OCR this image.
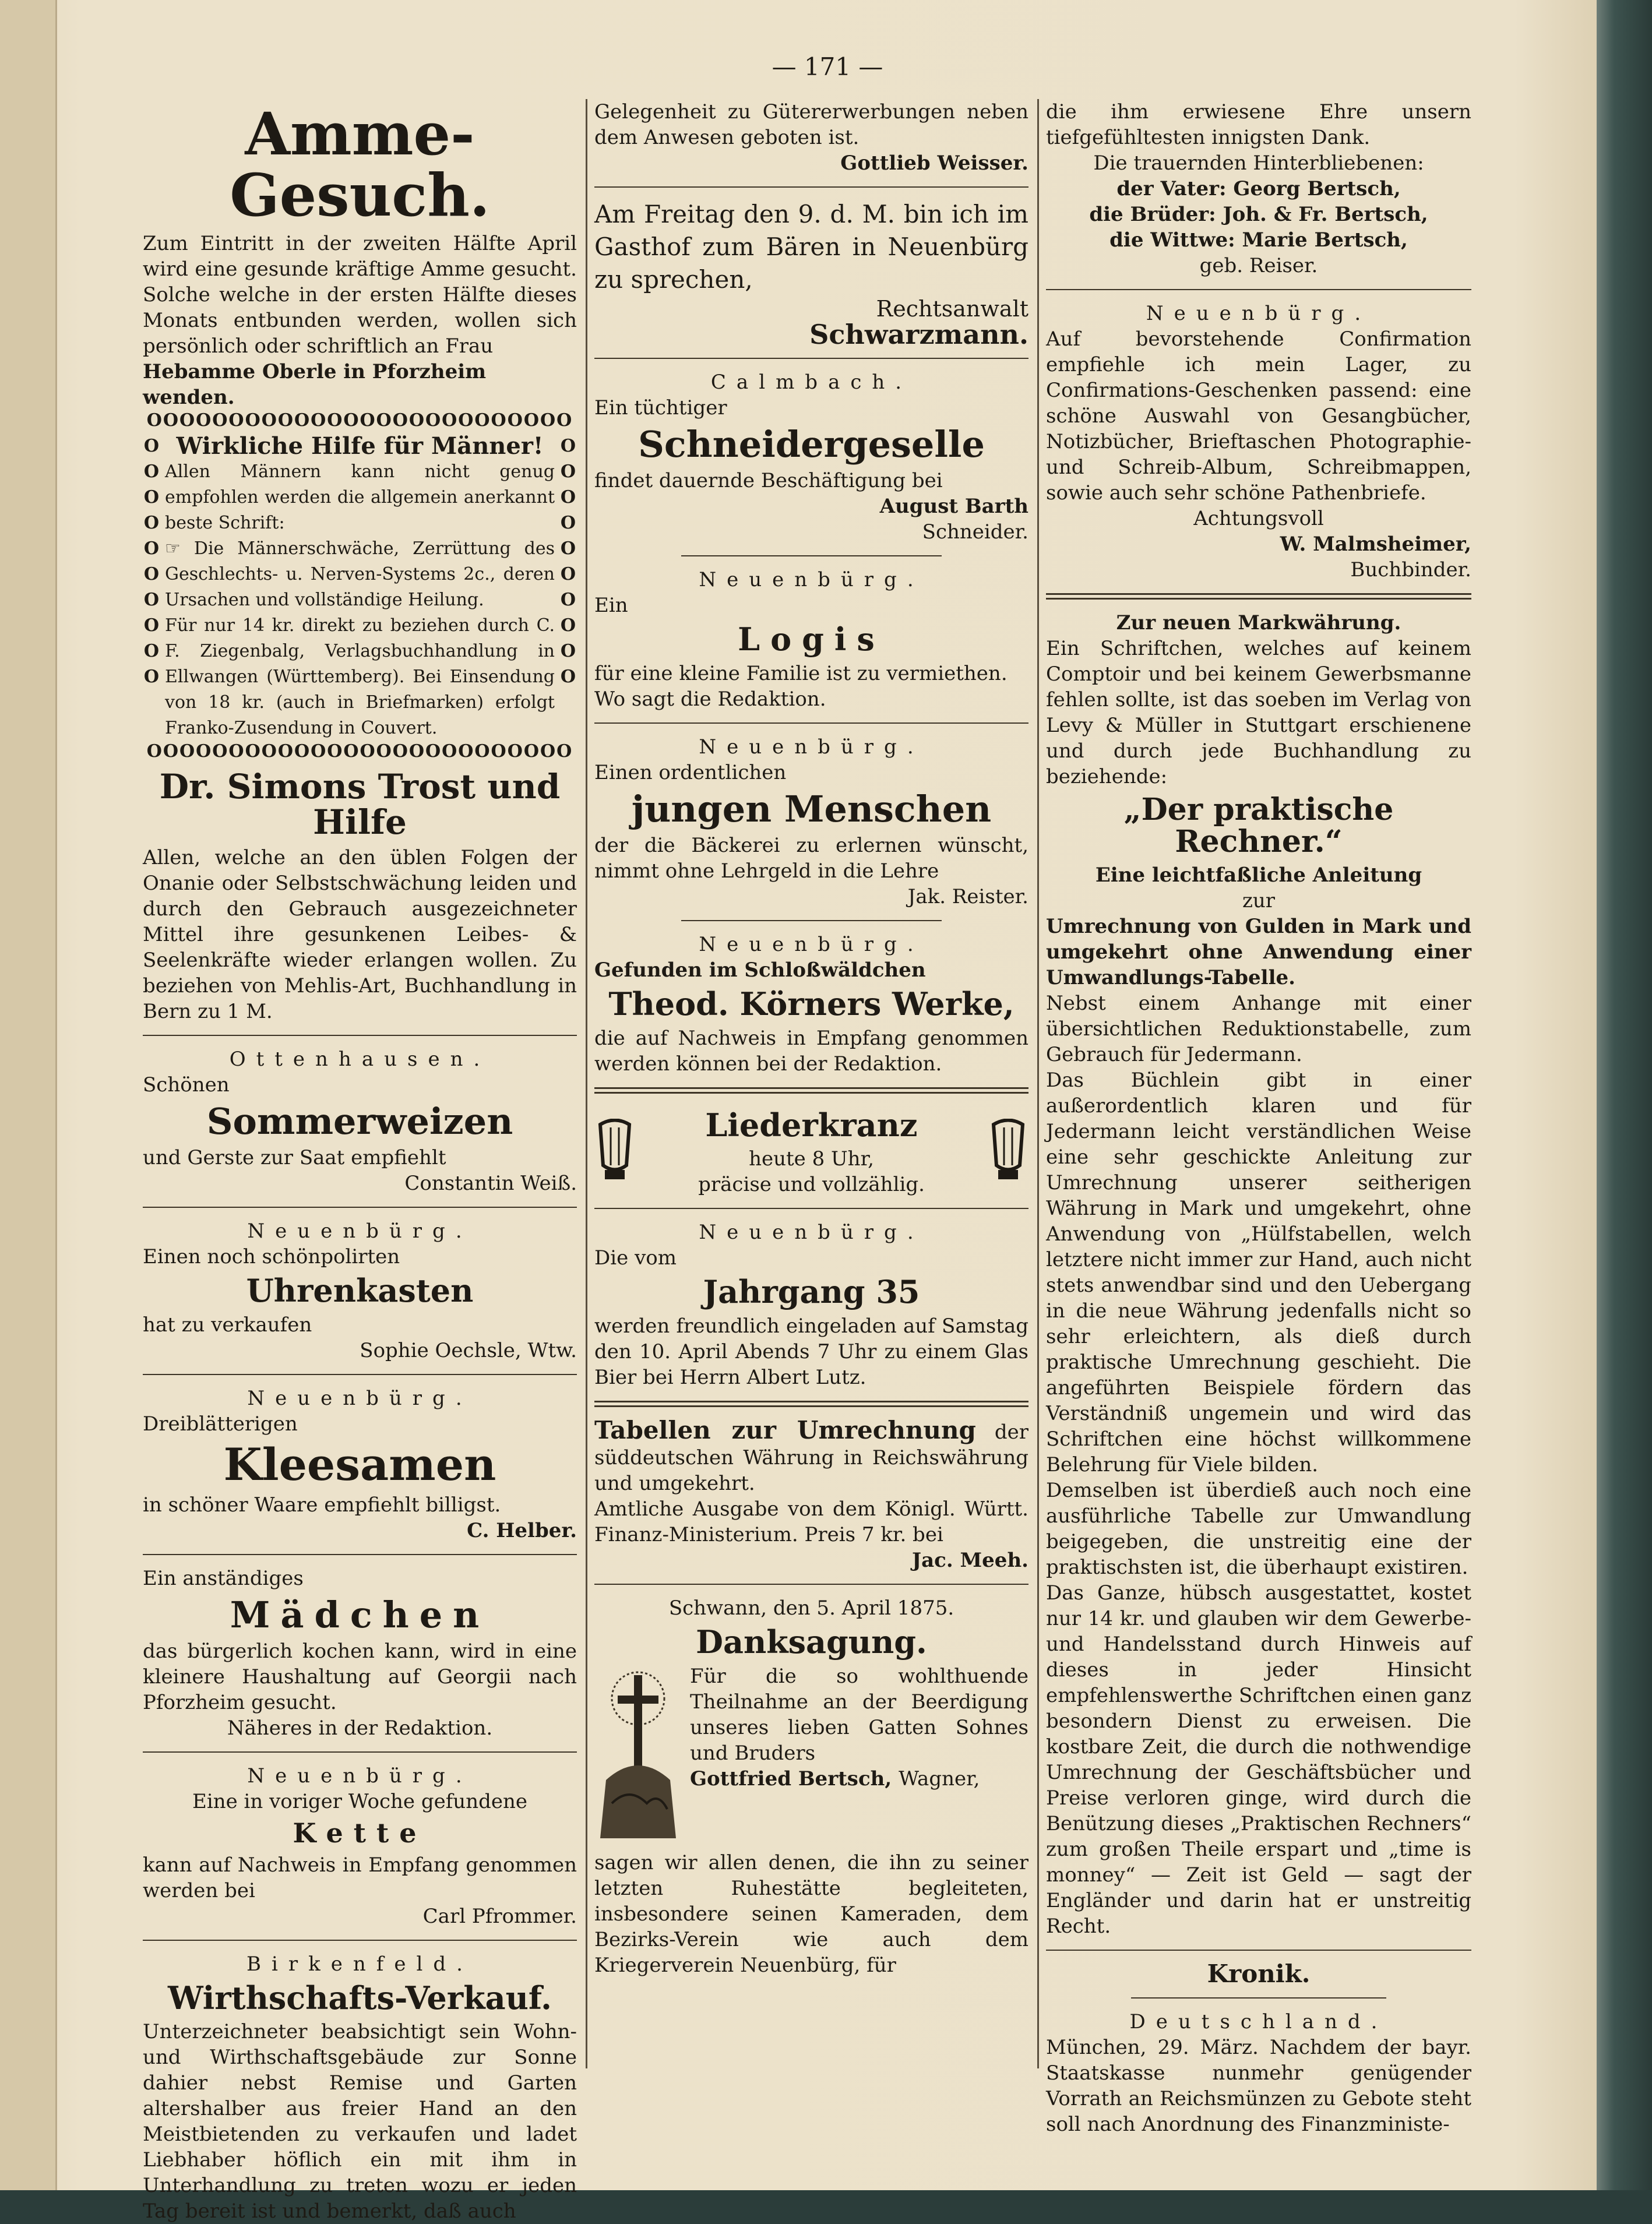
— 171 —
Amme-Gesuch.

Zum Eintritt in der zweiten Hälfte April wird eine gesunde kräftige Amme gesucht. Solche welche in der ersten Hälfte dieses Monats entbunden werden, wollen sich persönlich oder schriftlich an Frau

Hebamme Oberle in Pforzheim wenden.

OOOOOOOOOOOOOOOOOOOOOOOOOO
OOOOOOOOOO
OOOOOOOOOO

Wirkliche Hilfe für Männer!

Allen Männern kann nicht genug empfohlen werden die allgemein anerkannt beste Schrift:

☞ Die Männerschwäche, Zerrüttung des Geschlechts- u. Nerven-Systems 2c., deren Ursachen und vollständige Heilung.

Für nur 14 kr. direkt zu beziehen durch C. F. Ziegenbalg, Verlagsbuchhandlung in Ellwangen (Württemberg). Bei Einsendung von 18 kr. (auch in Briefmarken) erfolgt Franko-Zusendung in Couvert.

OOOOOOOOOOOOOOOOOOOOOOOOOO
Dr. Simons Trost und Hilfe

Allen, welche an den üblen Folgen der Onanie oder Selbstschwächung leiden und durch den Gebrauch ausgezeichneter Mittel ihre gesunkenen Leibes- & Seelenkräfte wieder erlangen wollen. Zu beziehen von Mehlis-Art, Buchhandlung in Bern zu 1 M.

Ottenhausen.

Schönen

Sommerweizen

und Gerste zur Saat empfiehlt

Constantin Weiß.

Neuenbürg.

Einen noch schönpolirten

Uhrenkasten

hat zu verkaufen

Sophie Oechsle, Wtw.

Neuenbürg.

Dreiblätterigen

Kleesamen

in schöner Waare empfiehlt billigst.

C. Helber.

Ein anständiges

Mädchen

das bürgerlich kochen kann, wird in eine kleinere Haushaltung auf Georgii nach Pforzheim gesucht.

Näheres in der Redaktion.

Neuenbürg.

Eine in voriger Woche gefundene

Kette

kann auf Nachweis in Empfang genommen werden bei

Carl Pfrommer.

Birkenfeld.

Wirthschafts-Verkauf.

Unterzeichneter beabsichtigt sein Wohn- und Wirthschaftsgebäude zur Sonne dahier nebst Remise und Garten altershalber aus freier Hand an den Meistbietenden zu verkaufen und ladet Liebhaber höflich ein mit ihm in Unterhandlung zu treten wozu er jeden Tag bereit ist und bemerkt, daß auch

Gelegenheit zu Gütererwerbungen neben dem Anwesen geboten ist.

Gottlieb Weisser.

Am Freitag den 9. d. M. bin ich im Gasthof zum Bären in Neuenbürg zu sprechen,

Rechtsanwalt

Schwarzmann.

Calmbach.

Ein tüchtiger

Schneidergeselle

findet dauernde Beschäftigung bei

August Barth

Schneider.

Neuenbürg.

Ein

Logis

für eine kleine Familie ist zu vermiethen.

Wo sagt die Redaktion.

Neuenbürg.

Einen ordentlichen

jungen Menschen

der die Bäckerei zu erlernen wünscht, nimmt ohne Lehrgeld in die Lehre

Jak. Reister.

Neuenbürg.

Gefunden im Schloßwäldchen

Theod. Körners Werke,

die auf Nachweis in Empfang genommen werden können bei der Redaktion.

Liederkranz

heute 8 Uhr,

präcise und vollzählig.

Neuenbürg.

Die vom

Jahrgang 35

werden freundlich eingeladen auf Samstag den 10. April Abends 7 Uhr zu einem Glas Bier bei Herrn Albert Lutz.

Tabellen zur Umrechnung der süddeutschen Währung in Reichswährung und umgekehrt.

Amtliche Ausgabe von dem Königl. Württ. Finanz-Ministerium. Preis 7 kr. bei

Jac. Meeh.

Schwann, den 5. April 1875.

Danksagung.

Für die so wohlthuende Theilnahme an der Beerdigung unseres lieben Gatten Sohnes und Bruders

Gottfried Bertsch, Wagner,

sagen wir allen denen, die ihn zu seiner letzten Ruhestätte begleiteten, insbesondere seinen Kameraden, dem Bezirks-Verein wie auch dem Kriegerverein Neuenbürg, für

die ihm erwiesene Ehre unsern tiefgefühltesten innigsten Dank.

Die trauernden Hinterbliebenen:

der Vater: Georg Bertsch,

die Brüder: Joh. & Fr. Bertsch,

die Wittwe: Marie Bertsch,

geb. Reiser.

Neuenbürg.

Auf bevorstehende Confirmation empfiehle ich mein Lager, zu Confirmations-Geschenken passend: eine schöne Auswahl von Gesangbücher, Notizbücher, Brieftaschen Photographie- und Schreib-Album, Schreibmappen, sowie auch sehr schöne Pathenbriefe.

Achtungsvoll

W. Malmsheimer,

Buchbinder.

Zur neuen Markwährung.

Ein Schriftchen, welches auf keinem Comptoir und bei keinem Gewerbsmanne fehlen sollte, ist das soeben im Verlag von Levy & Müller in Stuttgart erschienene und durch jede Buchhandlung zu beziehende:

„Der praktische Rechner.“

Eine leichtfaßliche Anleitung

zur

Umrechnung von Gulden in Mark und umgekehrt ohne Anwendung einer Umwandlungs-Tabelle.

Nebst einem Anhange mit einer übersichtlichen Reduktionstabelle, zum Gebrauch für Jedermann.

Das Büchlein gibt in einer außerordentlich klaren und für Jedermann leicht verständlichen Weise eine sehr geschickte Anleitung zur Umrechnung unserer seitherigen Währung in Mark und umgekehrt, ohne Anwendung von „Hülfstabellen, welch letztere nicht immer zur Hand, auch nicht stets anwendbar sind und den Uebergang in die neue Währung jedenfalls nicht so sehr erleichtern, als dieß durch praktische Umrechnung geschieht. Die angeführten Beispiele fördern das Verständniß ungemein und wird das Schriftchen eine höchst willkommene Belehrung für Viele bilden.

Demselben ist überdieß auch noch eine ausführliche Tabelle zur Umwandlung beigegeben, die unstreitig eine der praktischsten ist, die überhaupt existiren.

Das Ganze, hübsch ausgestattet, kostet nur 14 kr. und glauben wir dem Gewerbe- und Handelsstand durch Hinweis auf dieses in jeder Hinsicht empfehlenswerthe Schriftchen einen ganz besondern Dienst zu erweisen. Die kostbare Zeit, die durch die nothwendige Umrechnung der Geschäftsbücher und Preise verloren ginge, wird durch die Benützung dieses „Praktischen Rechners“ zum großen Theile erspart und „time is monney“ — Zeit ist Geld — sagt der Engländer und darin hat er unstreitig Recht.

Kronik.

Deutschland.

München, 29. März. Nachdem der bayr. Staatskasse nunmehr genügender Vorrath an Reichsmünzen zu Gebote steht soll nach Anordnung des Finanzministe-
